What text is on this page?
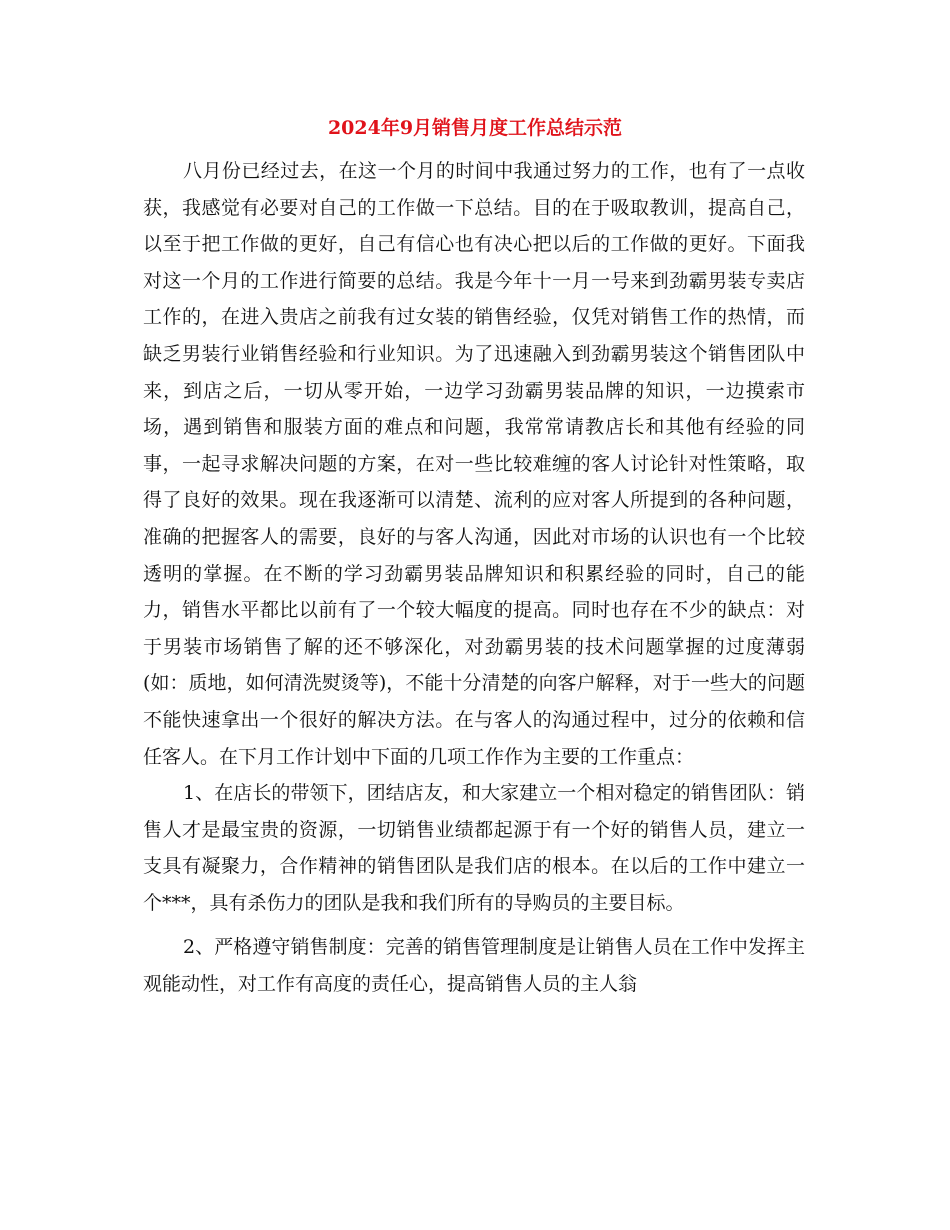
2024年9月销售月度工作总结示范

八月份已经过去，在这一个月的时间中我通过努力的工作，也有了一点收获，我感觉有必要对自己的工作做一下总结。目的在于吸取教训，提高自己，以至于把工作做的更好，自己有信心也有决心把以后的工作做的更好。下面我对这一个月的工作进行简要的总结。我是今年十一月一号来到劲霸男装专卖店工作的，在进入贵店之前我有过女装的销售经验，仅凭对销售工作的热情，而缺乏男装行业销售经验和行业知识。为了迅速融入到劲霸男装这个销售团队中来，到店之后，一切从零开始，一边学习劲霸男装品牌的知识，一边摸索市场，遇到销售和服装方面的难点和问题，我常常请教店长和其他有经验的同事，一起寻求解决问题的方案，在对一些比较难缠的客人讨论针对性策略，取得了良好的效果。现在我逐渐可以清楚、流利的应对客人所提到的各种问题，准确的把握客人的需要，良好的与客人沟通，因此对市场的认识也有一个比较透明的掌握。在不断的学习劲霸男装品牌知识和积累经验的同时，自己的能力，销售水平都比以前有了一个较大幅度的提高。同时也存在不少的缺点：对于男装市场销售了解的还不够深化，对劲霸男装的技术问题掌握的过度薄弱(如：质地，如何清洗熨烫等)，不能十分清楚的向客户解释，对于一些大的问题不能快速拿出一个很好的解决方法。在与客人的沟通过程中，过分的依赖和信任客人。在下月工作计划中下面的几项工作作为主要的工作重点：

1、在店长的带领下，团结店友，和大家建立一个相对稳定的销售团队：销售人才是最宝贵的资源，一切销售业绩都起源于有一个好的销售人员，建立一支具有凝聚力，合作精神的销售团队是我们店的根本。在以后的工作中建立一个***，具有杀伤力的团队是我和我们所有的导购员的主要目标。

2、严格遵守销售制度：完善的销售管理制度是让销售人员在工作中发挥主观能动性，对工作有高度的责任心，提高销售人员的主人翁
